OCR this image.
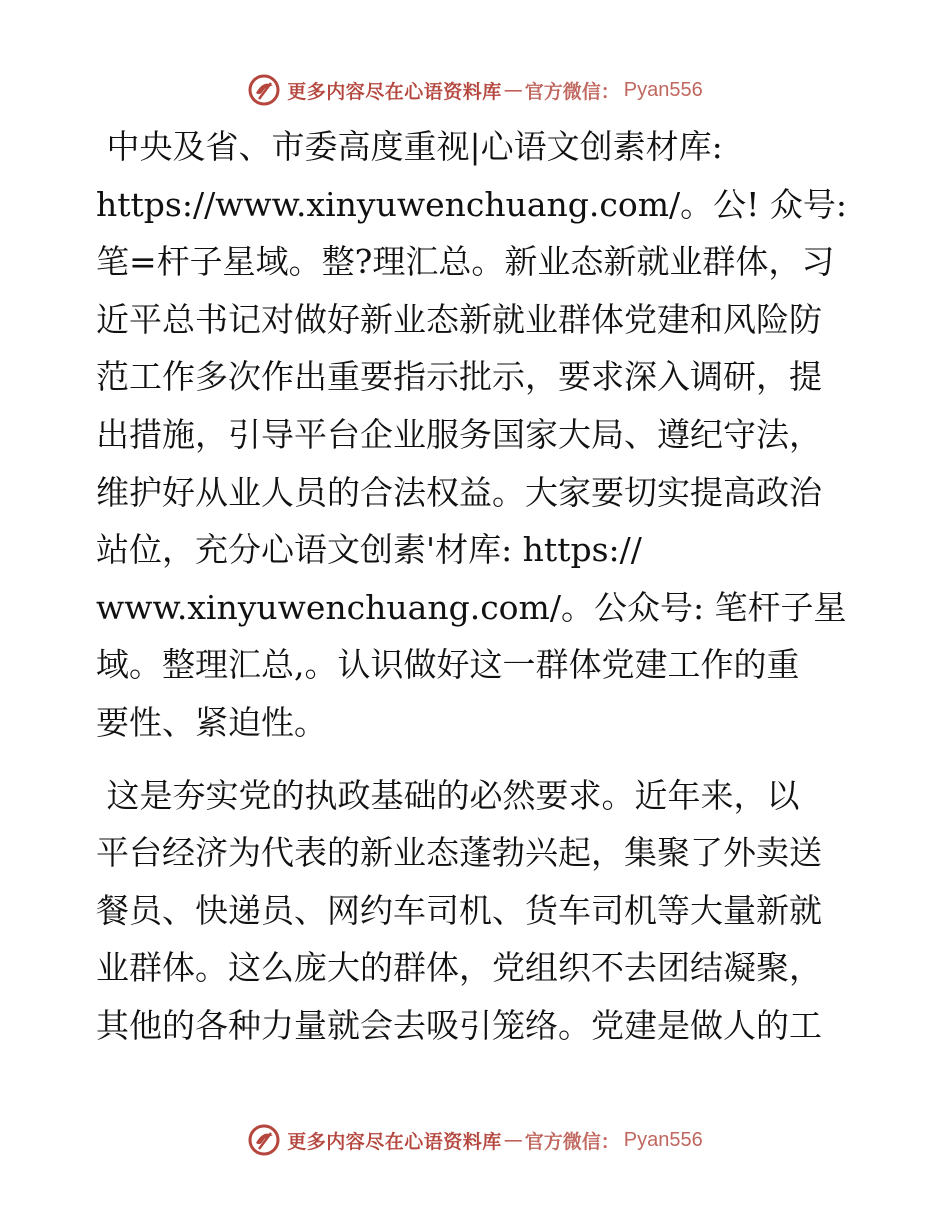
更多内容尽在心语资料库 — 官方微信： Pyan556

中央及省、市委高度重视|心语文创素材库:
https://www.xinyuwenchuang.com/。公! 众号:
笔=杆子星域。整?理汇总。新业态新就业群体，习
近平总书记对做好新业态新就业群体党建和风险防
范工作多次作出重要指示批示，要求深入调研，提
出措施，引导平台企业服务国家大局、遵纪守法，
维护好从业人员的合法权益。大家要切实提高政治
站位，充分心语文创素'材库: https://
www.xinyuwenchuang.com/。公众号: 笔杆子星
域。整理汇总,。认识做好这一群体党建工作的重
要性、紧迫性。

这是夯实党的执政基础的必然要求。近年来，以
平台经济为代表的新业态蓬勃兴起，集聚了外卖送
餐员、快递员、网约车司机、货车司机等大量新就
业群体。这么庞大的群体，党组织不去团结凝聚，
其他的各种力量就会去吸引笼络。党建是做人的工

更多内容尽在心语资料库 — 官方微信： Pyan556
